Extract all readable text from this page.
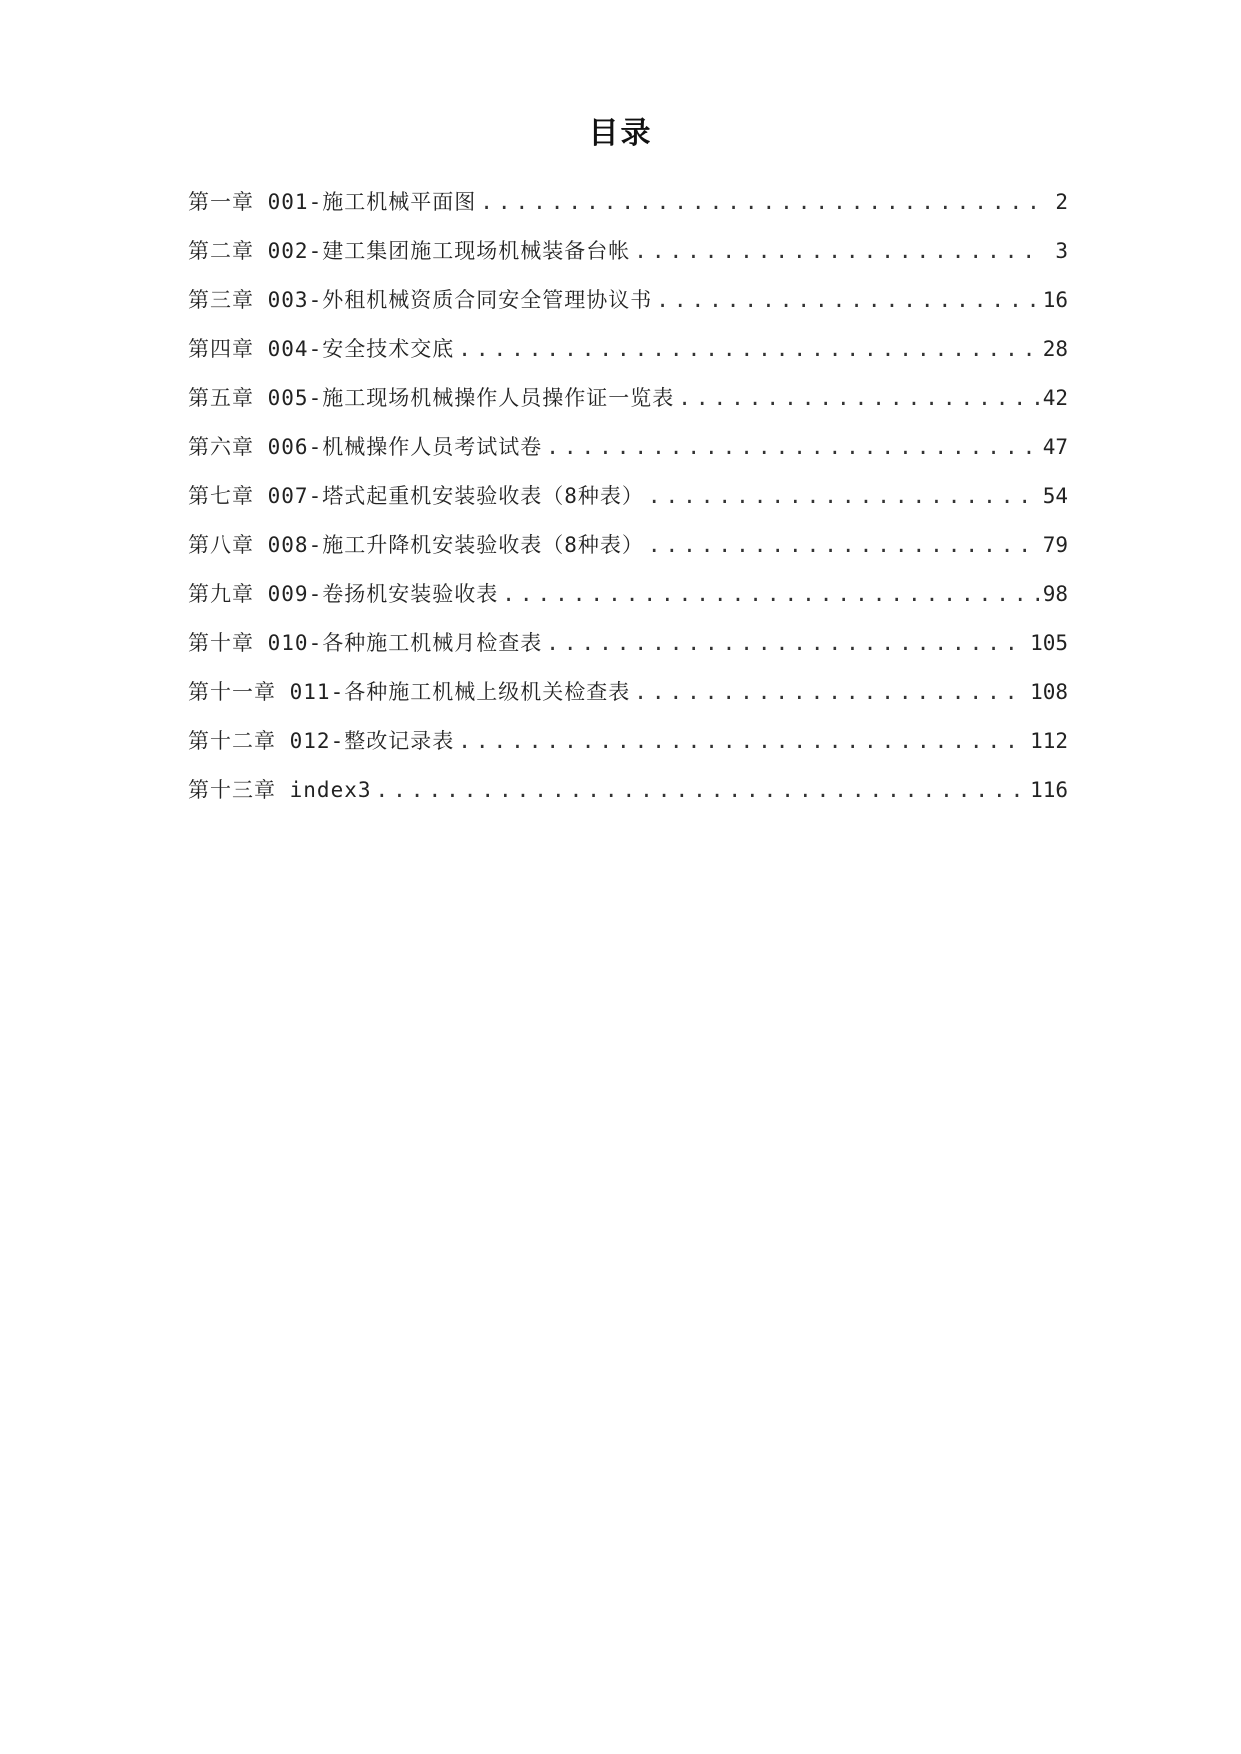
目录
第一章 001-施工机械平面图 .....	2
第二章 002-建工集团施工现场机械装备台帐 .....	3
第三章 003-外租机械资质合同安全管理协议书 .....	16
第四章 004-安全技术交底 .....	28
第五章 005-施工现场机械操作人员操作证一览表 .....	42
第六章 006-机械操作人员考试试卷 .....	47
第七章 007-塔式起重机安装验收表（8种表） .....	54
第八章 008-施工升降机安装验收表（8种表） .....	79
第九章 009-卷扬机安装验收表 .....	98
第十章 010-各种施工机械月检查表 .....	105
第十一章 011-各种施工机械上级机关检查表 .....	108
第十二章 012-整改记录表 .....	112
第十三章 index3 .....	116
